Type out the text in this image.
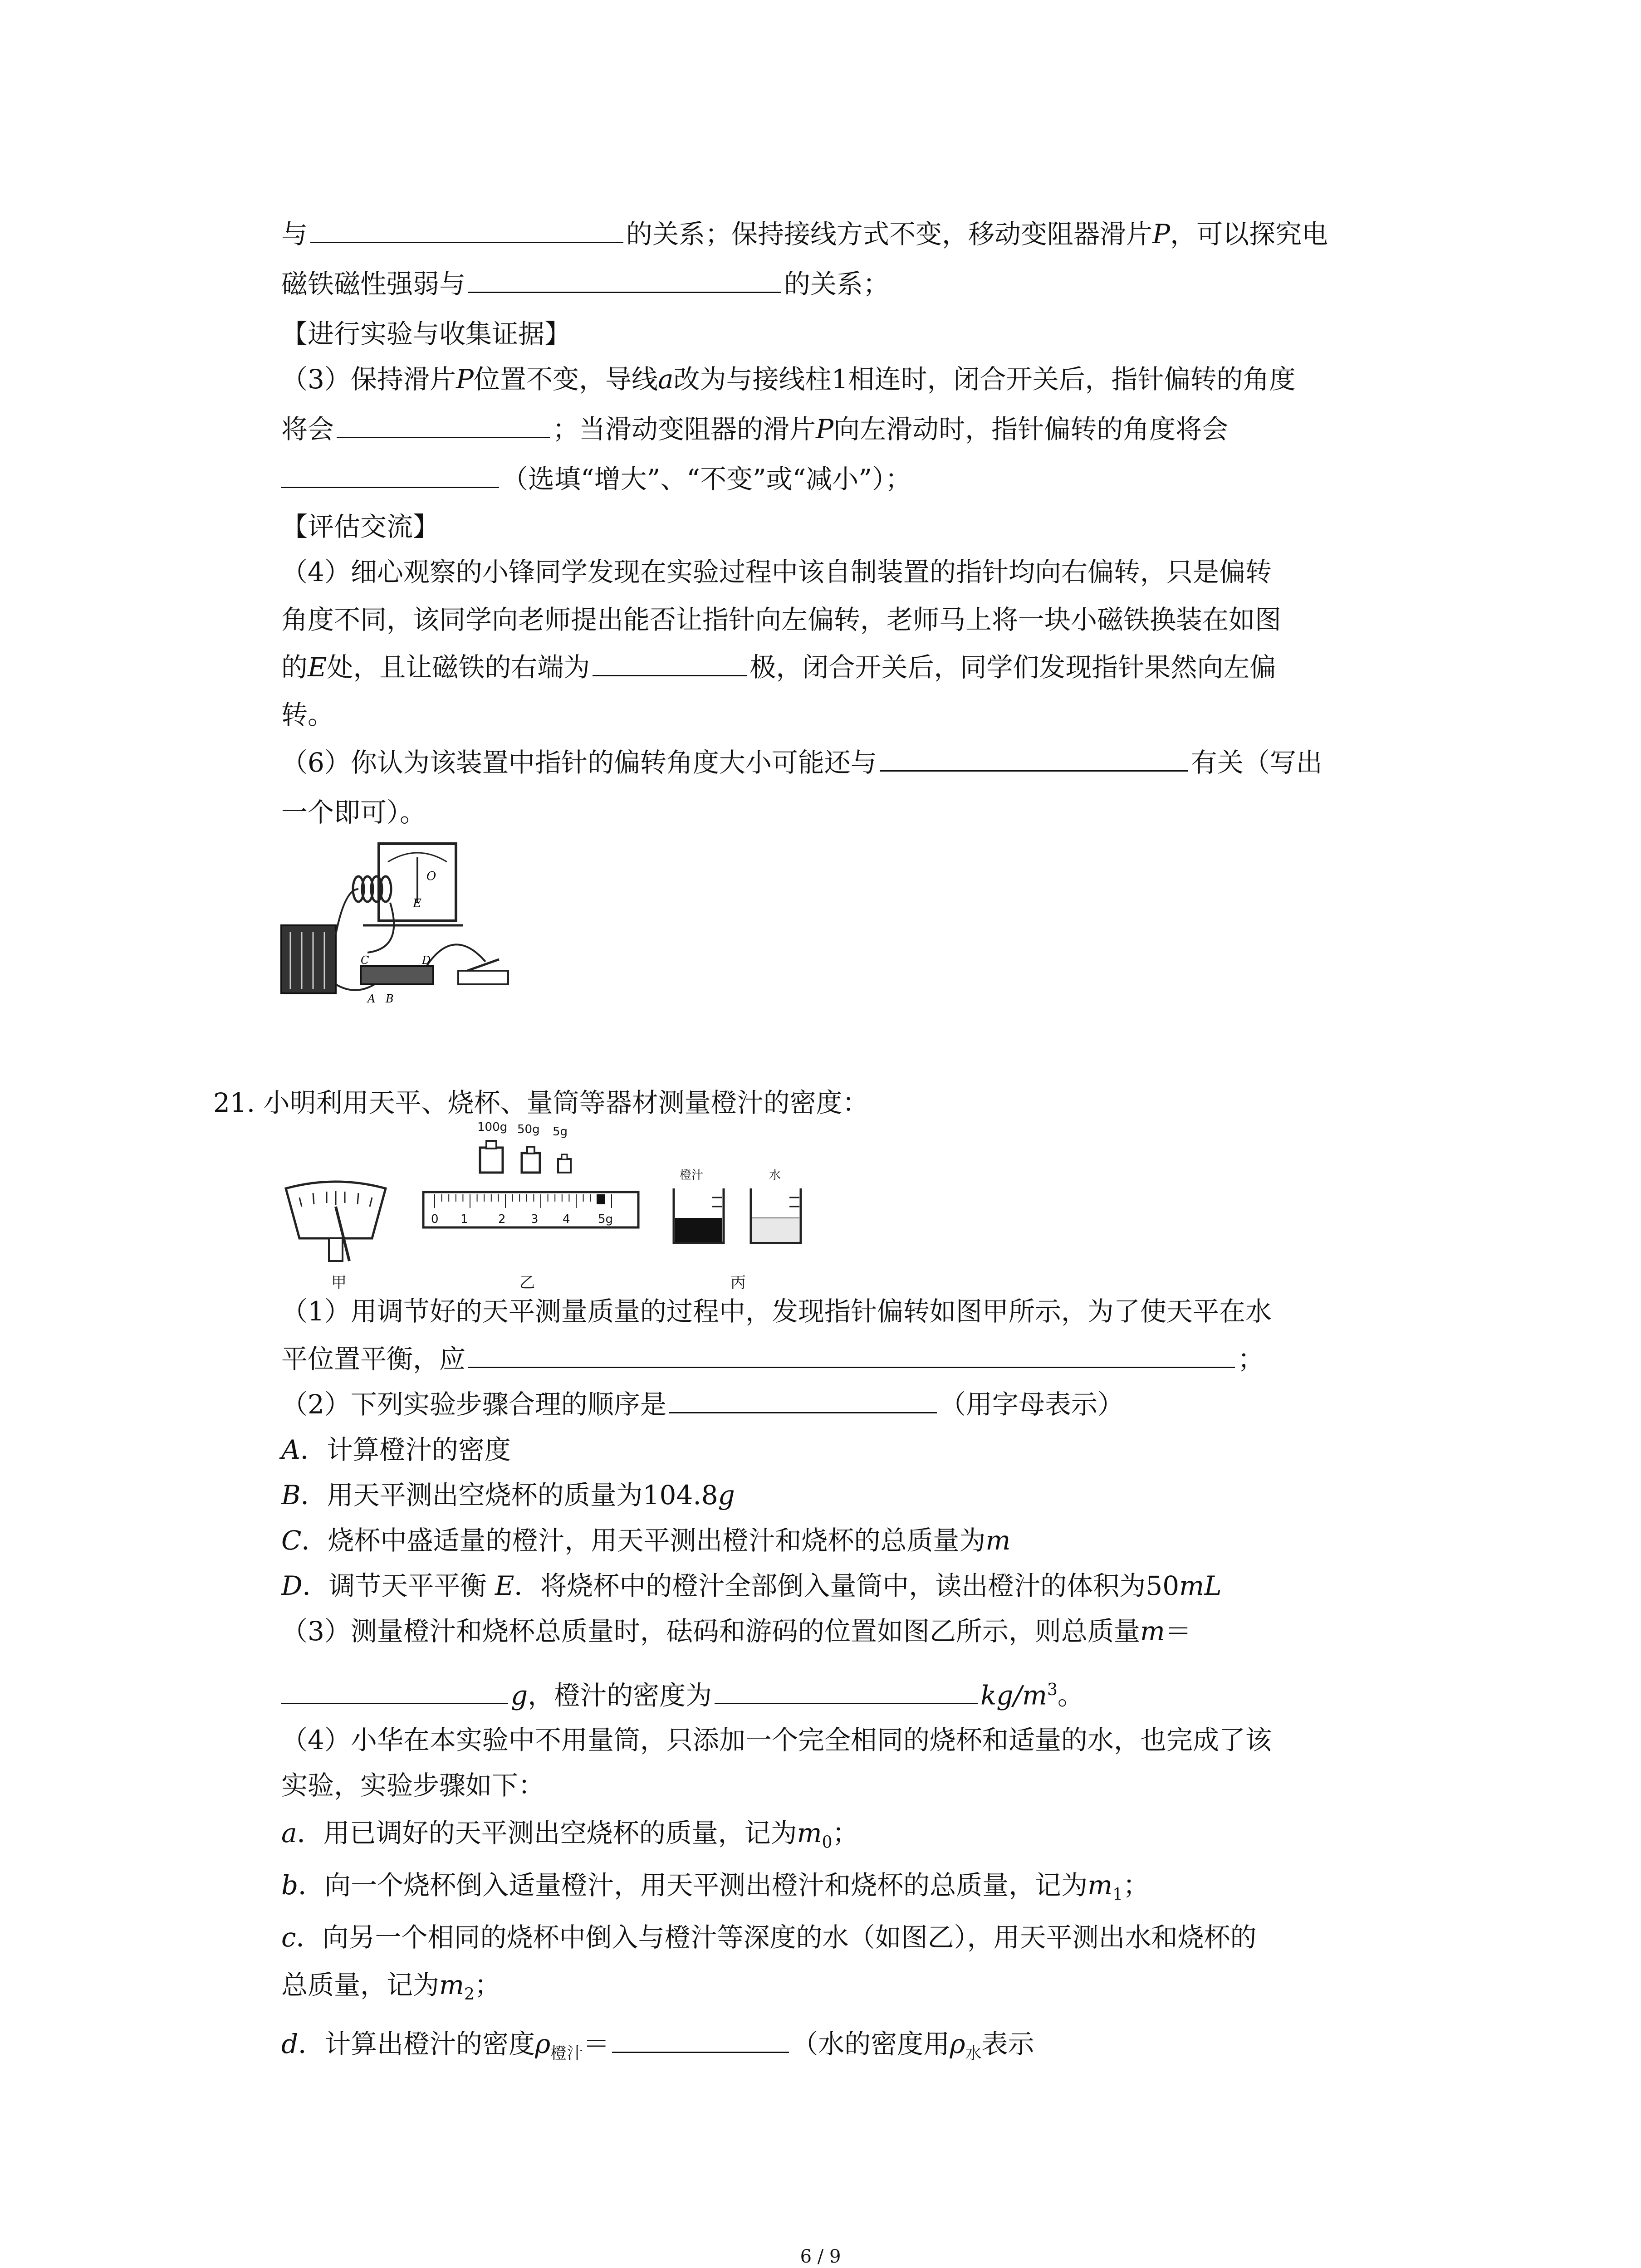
与	的关系；保持接线方式不变，移动变阻器滑片P，可以探究电
磁铁磁性强弱与	的关系；
【进行实验与收集证据】
（3）保持滑片P位置不变，导线a改为与接线柱1相连时，闭合开关后，指针偏转的角度
将会	；当滑动变阻器的滑片P向左滑动时，指针偏转的角度将会
（选填“增大”、“不变”或“减小”）；
【评估交流】
（4）细心观察的小锋同学发现在实验过程中该自制装置的指针均向右偏转，只是偏转
角度不同，该同学向老师提出能否让指针向左偏转，老师马上将一块小磁铁换装在如图
的E处，且让磁铁的右端为	极，闭合开关后，同学们发现指针果然向左偏
转。
（6）你认为该装置中指针的偏转角度大小可能还与	有关（写出
一个即可）。
O
E
C	D
A B
21. 小明利用天平、烧杯、量筒等器材测量橙汁的密度：
甲
100g 50g 5g
0 1	2 3 4 5g
乙
橙汁	水
丙
（1）用调节好的天平测量质量的过程中，发现指针偏转如图甲所示，为了使天平在水
平位置平衡，应	；
（2）下列实验步骤合理的顺序是	（用字母表示）
A．计算橙汁的密度
B．用天平测出空烧杯的质量为104.8g
C．烧杯中盛适量的橙汁，用天平测出橙汁和烧杯的总质量为m
D．调节天平平衡 E．将烧杯中的橙汁全部倒入量筒中，读出橙汁的体积为50mL
（3）测量橙汁和烧杯总质量时，砝码和游码的位置如图乙所示，则总质量m＝
g，橙汁的密度为	$kg/m^3$。
（4）小华在本实验中不用量筒，只添加一个完全相同的烧杯和适量的水，也完成了该
实验，实验步骤如下：
a．用已调好的天平测出空烧杯的质量，记为$m_0$；
b．向一个烧杯倒入适量橙汁，用天平测出橙汁和烧杯的总质量，记为$m_1$；
c．向另一个相同的烧杯中倒入与橙汁等深度的水（如图乙），用天平测出水和烧杯的
总质量，记为$m_2$；
d．计算出橙汁的密度$\rho_{橙汁}=$	（水的密度用$\rho_水$表示
6 / 9
